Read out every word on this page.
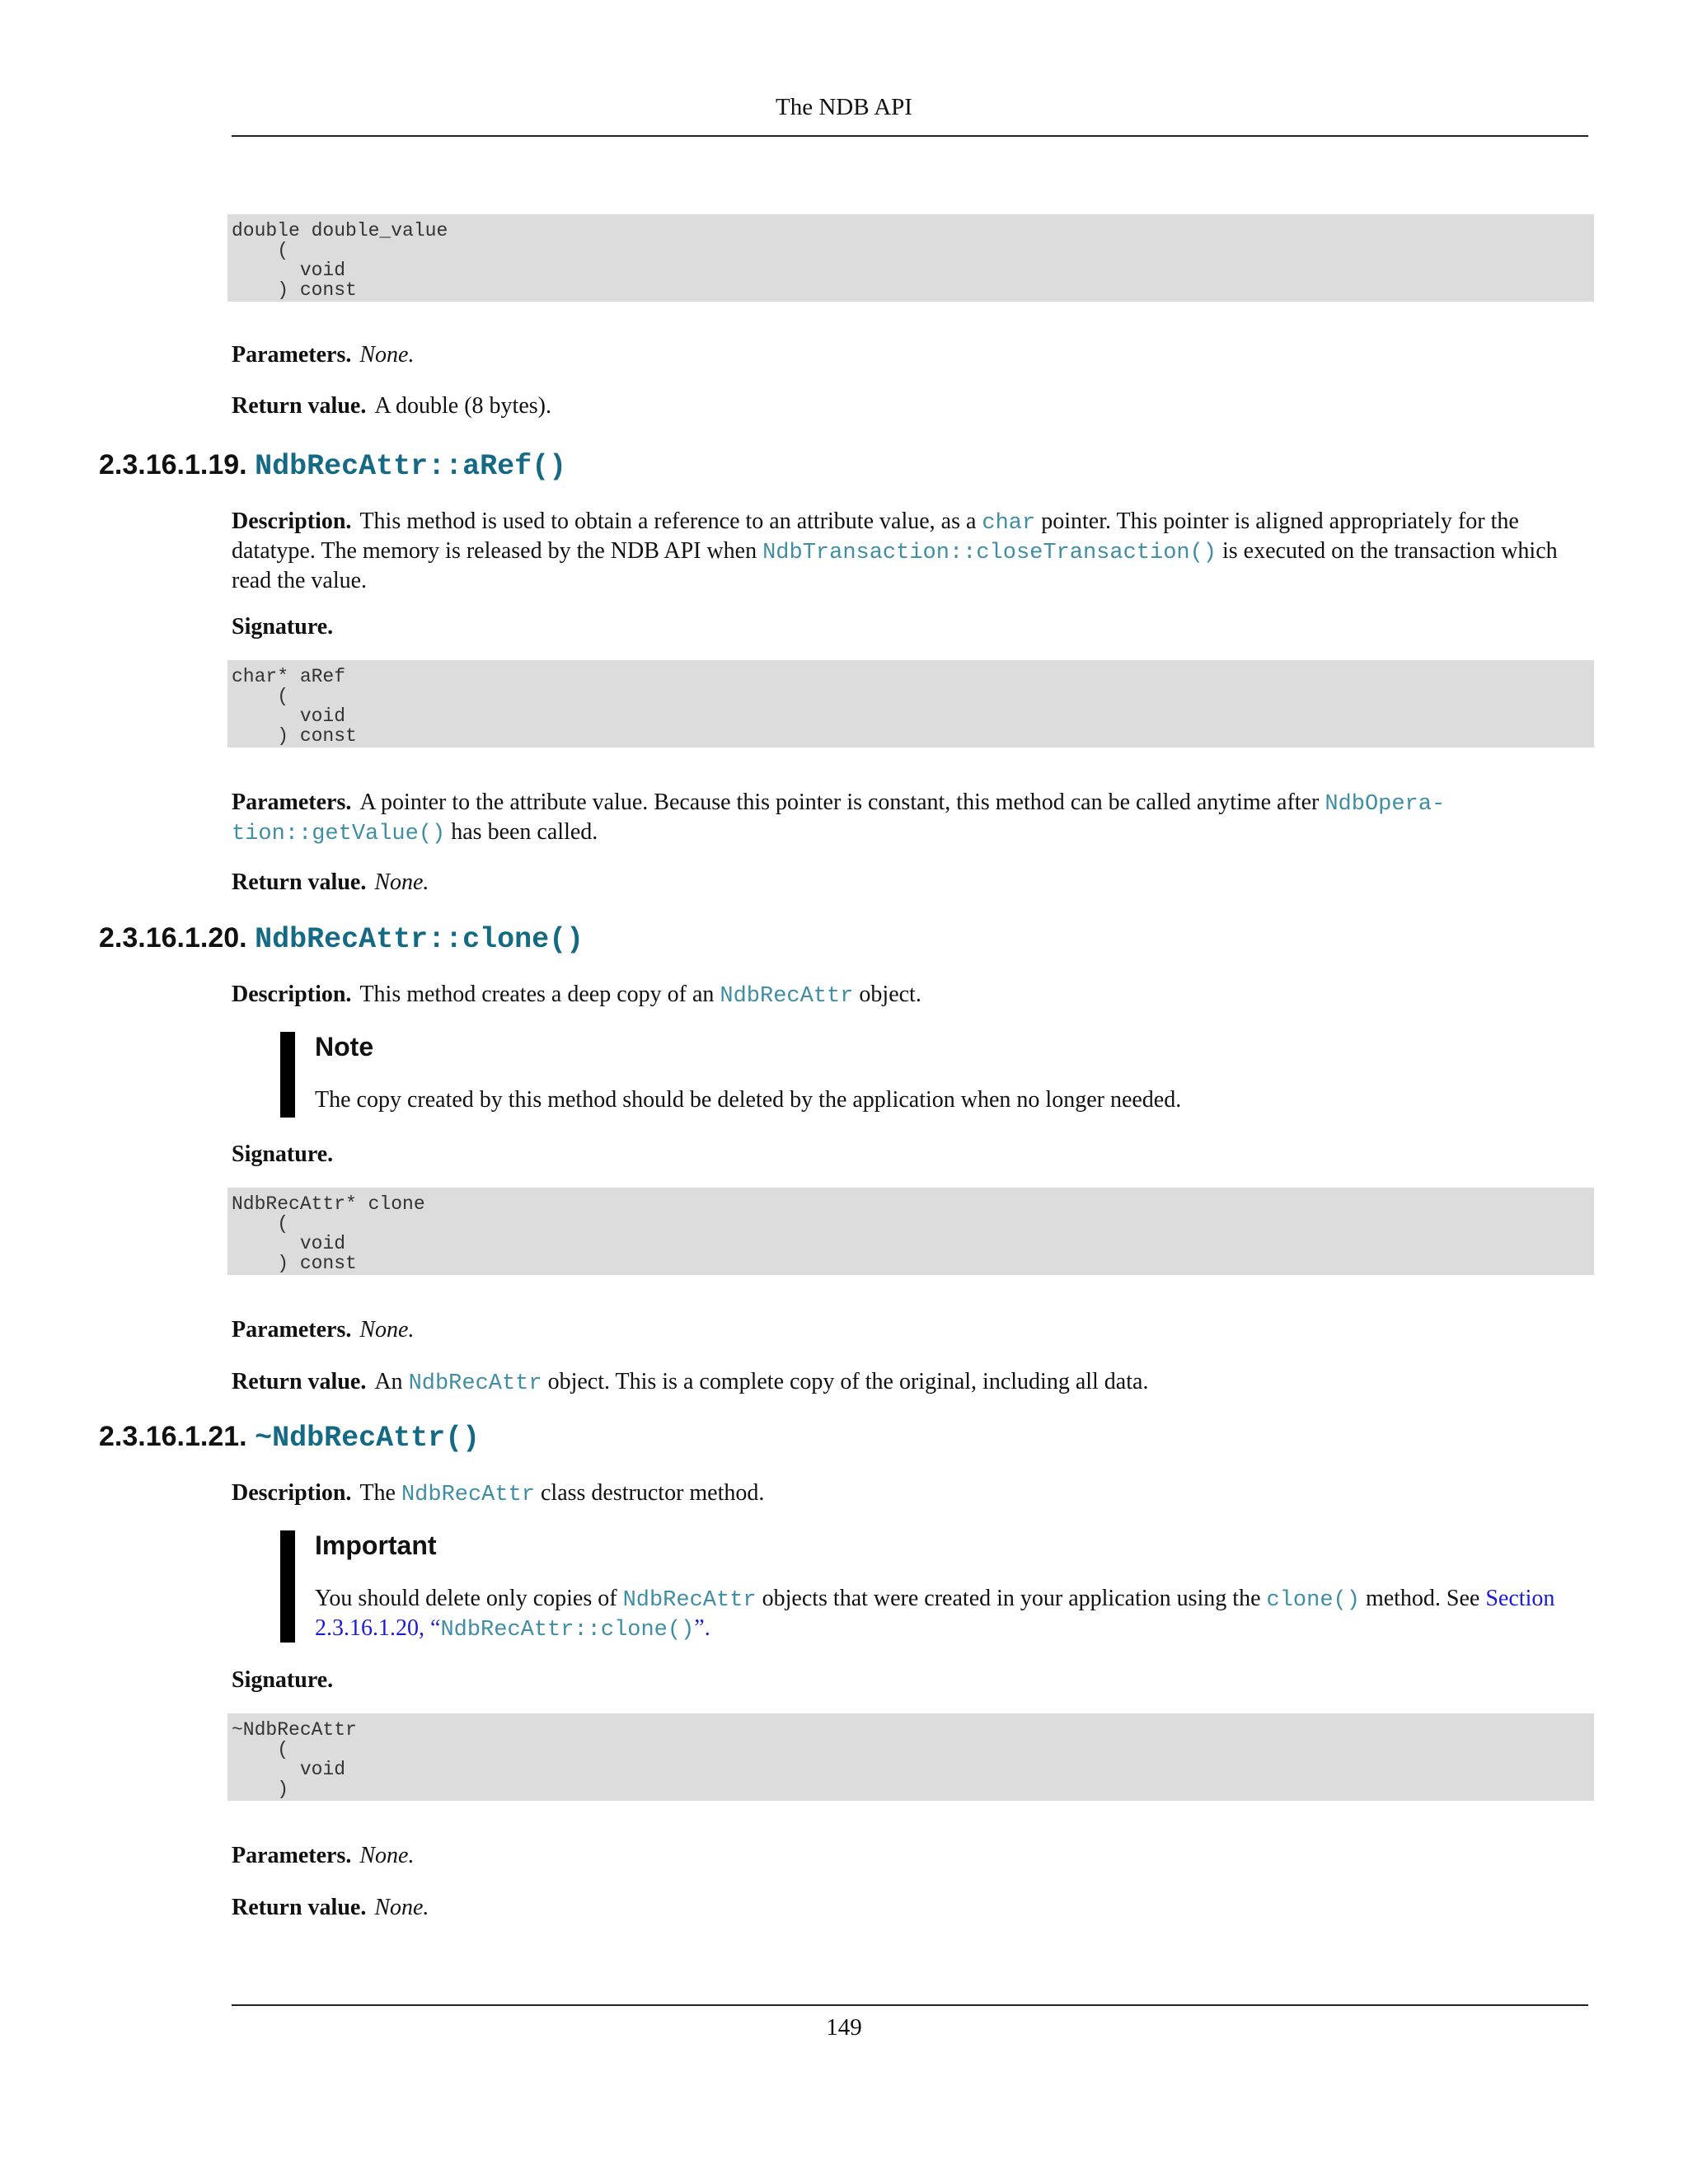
The NDB API
double double_value
(
void
) const
Parameters. None.
Return value. A double (8 bytes).
2.3.16.1.19. NdbRecAttr::aRef()
Description. This method is used to obtain a reference to an attribute value, as a char pointer. This pointer is aligned appropriately for the datatype. The memory is released by the NDB API when NdbTransaction::closeTransaction() is executed on the transaction which read the value.
Signature.
char* aRef
(
void
) const
Parameters. A pointer to the attribute value. Because this pointer is constant, this method can be called anytime after NdbOpera-tion::getValue() has been called.
Return value. None.
2.3.16.1.20. NdbRecAttr::clone()
Description. This method creates a deep copy of an NdbRecAttr object.
Note
The copy created by this method should be deleted by the application when no longer needed.
Signature.
NdbRecAttr* clone
(
void
) const
Parameters. None.
Return value. An NdbRecAttr object. This is a complete copy of the original, including all data.
2.3.16.1.21. ~NdbRecAttr()
Description. The NdbRecAttr class destructor method.
Important
You should delete only copies of NdbRecAttr objects that were created in your application using the clone() method. See Section 2.3.16.1.20, “NdbRecAttr::clone()”.
Signature.
~NdbRecAttr
(
void
)
Parameters. None.
Return value. None.
149
